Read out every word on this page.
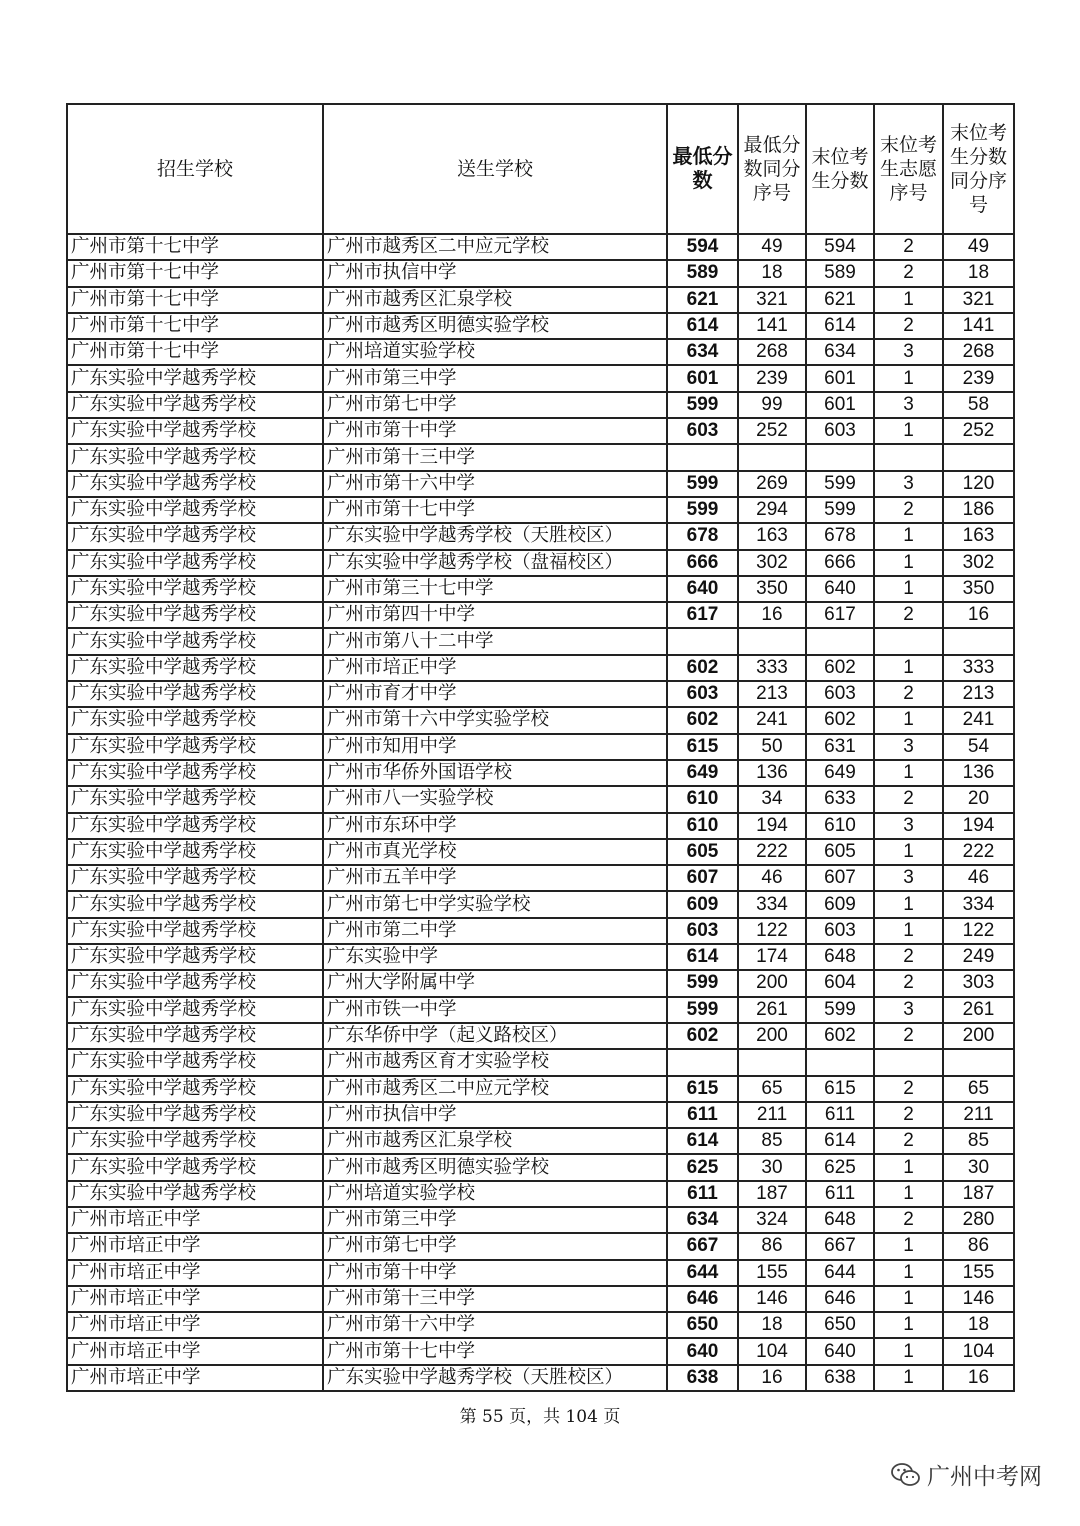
招生学校	送生学校	最低分数	最低分数同分序号	末位考生分数	末位考生志愿序号	末位考生分数同分序号
广州市第十七中学	广州市越秀区二中应元学校	594	49	594	2	49
广州市第十七中学	广州市执信中学	589	18	589	2	18
广州市第十七中学	广州市越秀区汇泉学校	621	321	621	1	321
广州市第十七中学	广州市越秀区明德实验学校	614	141	614	2	141
广州市第十七中学	广州培道实验学校	634	268	634	3	268
广东实验中学越秀学校	广州市第三中学	601	239	601	1	239
广东实验中学越秀学校	广州市第七中学	599	99	601	3	58
广东实验中学越秀学校	广州市第十中学	603	252	603	1	252
广东实验中学越秀学校	广州市第十三中学					
广东实验中学越秀学校	广州市第十六中学	599	269	599	3	120
广东实验中学越秀学校	广州市第十七中学	599	294	599	2	186
广东实验中学越秀学校	广东实验中学越秀学校（天胜校区）	678	163	678	1	163
广东实验中学越秀学校	广东实验中学越秀学校（盘福校区）	666	302	666	1	302
广东实验中学越秀学校	广州市第三十七中学	640	350	640	1	350
广东实验中学越秀学校	广州市第四十中学	617	16	617	2	16
广东实验中学越秀学校	广州市第八十二中学					
广东实验中学越秀学校	广州市培正中学	602	333	602	1	333
广东实验中学越秀学校	广州市育才中学	603	213	603	2	213
广东实验中学越秀学校	广州市第十六中学实验学校	602	241	602	1	241
广东实验中学越秀学校	广州市知用中学	615	50	631	3	54
广东实验中学越秀学校	广州市华侨外国语学校	649	136	649	1	136
广东实验中学越秀学校	广州市八一实验学校	610	34	633	2	20
广东实验中学越秀学校	广州市东环中学	610	194	610	3	194
广东实验中学越秀学校	广州市真光学校	605	222	605	1	222
广东实验中学越秀学校	广州市五羊中学	607	46	607	3	46
广东实验中学越秀学校	广州市第七中学实验学校	609	334	609	1	334
广东实验中学越秀学校	广州市第二中学	603	122	603	1	122
广东实验中学越秀学校	广东实验中学	614	174	648	2	249
广东实验中学越秀学校	广州大学附属中学	599	200	604	2	303
广东实验中学越秀学校	广州市铁一中学	599	261	599	3	261
广东实验中学越秀学校	广东华侨中学（起义路校区）	602	200	602	2	200
广东实验中学越秀学校	广州市越秀区育才实验学校					
广东实验中学越秀学校	广州市越秀区二中应元学校	615	65	615	2	65
广东实验中学越秀学校	广州市执信中学	611	211	611	2	211
广东实验中学越秀学校	广州市越秀区汇泉学校	614	85	614	2	85
广东实验中学越秀学校	广州市越秀区明德实验学校	625	30	625	1	30
广东实验中学越秀学校	广州培道实验学校	611	187	611	1	187
广州市培正中学	广州市第三中学	634	324	648	2	280
广州市培正中学	广州市第七中学	667	86	667	1	86
广州市培正中学	广州市第十中学	644	155	644	1	155
广州市培正中学	广州市第十三中学	646	146	646	1	146
广州市培正中学	广州市第十六中学	650	18	650	1	18
广州市培正中学	广州市第十七中学	640	104	640	1	104
广州市培正中学	广东实验中学越秀学校（天胜校区）	638	16	638	1	16
第 55 页，共 104 页
广州中考网
